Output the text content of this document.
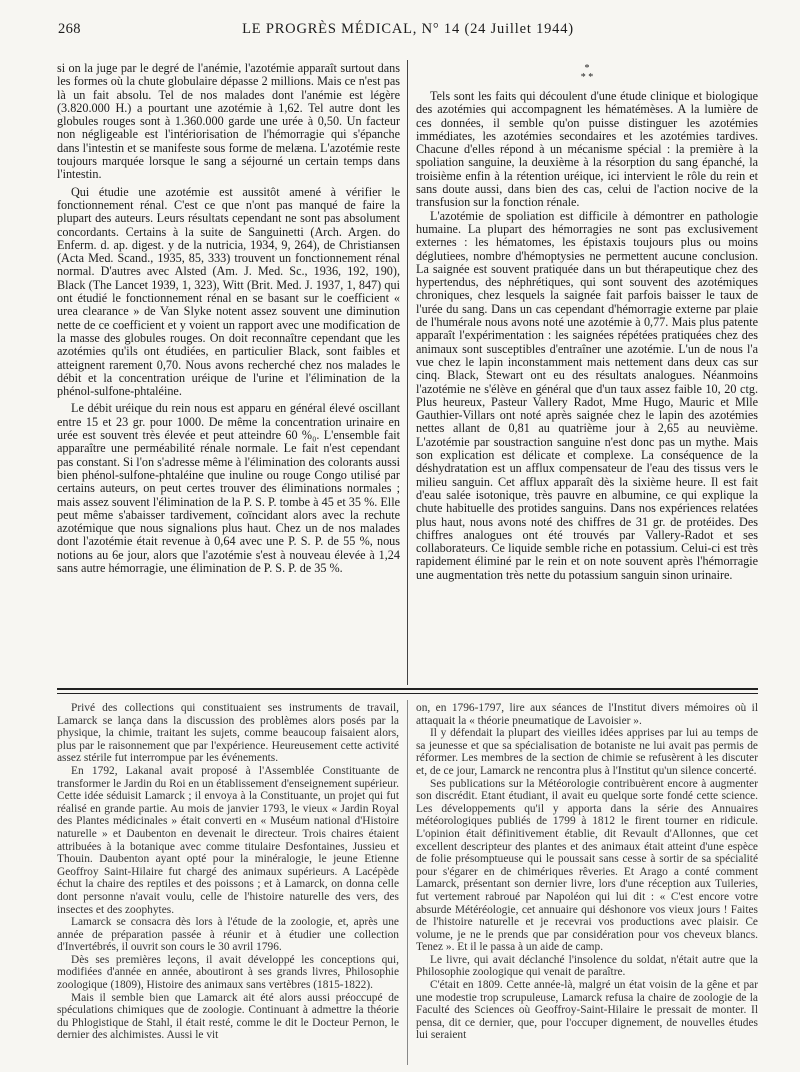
268	LE PROGRÈS MÉDICAL, N° 14 (24 Juillet 1944)

si on la juge par le degré de l'anémie, l'azotémie apparaît surtout dans les formes où la chute globulaire dépasse 2 millions. Mais ce n'est pas là un fait absolu. Tel de nos malades dont l'anémie est légère (3.820.000 H.) a pourtant une azotémie à 1,62. Tel autre dont les globules rouges sont à 1.360.000 garde une urée à 0,50. Un facteur non négligeable est l'intériorisation de l'hémorragie qui s'épanche dans l'intestin et se manifeste sous forme de melæna. L'azotémie reste toujours marquée lorsque le sang a séjourné un certain temps dans l'intestin.

Qui étudie une azotémie est aussitôt amené à vérifier le fonctionnement rénal. C'est ce que n'ont pas manqué de faire la plupart des auteurs. Leurs résultats cependant ne sont pas absolument concordants. Certains à la suite de Sanguinetti (Arch. Argen. do Enferm. d. ap. digest. y de la nutricia, 1934, 9, 264), de Christiansen (Acta Med. Scand., 1935, 85, 333) trouvent un fonctionnement rénal normal. D'autres avec Alsted (Am. J. Med. Sc., 1936, 192, 190), Black (The Lancet 1939, 1, 323), Witt (Brit. Med. J. 1937, 1, 847) qui ont étudié le fonctionnement rénal en se basant sur le coefficient « urea clearance » de Van Slyke notent assez souvent une diminution nette de ce coefficient et y voient un rapport avec une modification de la masse des globules rouges. On doit reconnaître cependant que les azotémies qu'ils ont étudiées, en particulier Black, sont faibles et atteignent rarement 0,70. Nous avons recherché chez nos malades le débit et la concentration uréique de l'urine et l'élimination de la phénol-sulfone-phtaléine.

Le débit uréique du rein nous est apparu en général élevé oscillant entre 15 et 23 gr. pour 1000. De même la concentration urinaire en urée est souvent très élevée et peut atteindre 60 %₀. L'ensemble fait apparaître une perméabilité rénale normale. Le fait n'est cependant pas constant. Si l'on s'adresse même à l'élimination des colorants aussi bien phénol-sulfone-phtaléine que inuline ou rouge Congo utilisé par certains auteurs, on peut certes trouver des éliminations normales ; mais assez souvent l'élimination de la P. S. P. tombe à 45 et 35 %. Elle peut même s'abaisser tardivement, coïncidant alors avec la rechute azotémique que nous signalions plus haut. Chez un de nos malades dont l'azotémie était revenue à 0,64 avec une P. S. P. de 55 %, nous notions au 6e jour, alors que l'azotémie s'est à nouveau élevée à 1,24 sans autre hémorragie, une élimination de P. S. P. de 35 %.

*
* *

Tels sont les faits qui découlent d'une étude clinique et biologique des azotémies qui accompagnent les hématémèses. A la lumière de ces données, il semble qu'on puisse distinguer les azotémies immédiates, les azotémies secondaires et les azotémies tardives. Chacune d'elles répond à un mécanisme spécial : la première à la spoliation sanguine, la deuxième à la résorption du sang épanché, la troisième enfin à la rétention uréique, ici intervient le rôle du rein et sans doute aussi, dans bien des cas, celui de l'action nocive de la transfusion sur la fonction rénale.

L'azotémie de spoliation est difficile à démontrer en pathologie humaine. La plupart des hémorragies ne sont pas exclusivement externes : les hématomes, les épistaxis toujours plus ou moins déglutiees, nombre d'hémoptysies ne permettent aucune conclusion. La saignée est souvent pratiquée dans un but thérapeutique chez des hypertendus, des néphrétiques, qui sont souvent des azotémiques chroniques, chez lesquels la saignée fait parfois baisser le taux de l'urée du sang. Dans un cas cependant d'hémorragie externe par plaie de l'humérale nous avons noté une azotémie à 0,77. Mais plus patente apparaît l'expérimentation : les saignées répétées pratiquées chez des animaux sont susceptibles d'entraîner une azotémie. L'un de nous l'a vue chez le lapin inconstamment mais nettement dans deux cas sur cinq. Black, Stewart ont eu des résultats analogues. Néanmoins l'azotémie ne s'élève en général que d'un taux assez faible 10, 20 ctg. Plus heureux, Pasteur Vallery Radot, Mme Hugo, Mauric et Mlle Gauthier-Villars ont noté après saignée chez le lapin des azotémies nettes allant de 0,81 au quatrième jour à 2,65 au neuvième. L'azotémie par soustraction sanguine n'est donc pas un mythe. Mais son explication est délicate et complexe. La conséquence de la déshydratation est un afflux compensateur de l'eau des tissus vers le milieu sanguin. Cet afflux apparaît dès la sixième heure. Il est fait d'eau salée isotonique, très pauvre en albumine, ce qui explique la chute habituelle des protides sanguins. Dans nos expériences relatées plus haut, nous avons noté des chiffres de 31 gr. de protéides. Des chiffres analogues ont été trouvés par Vallery-Radot et ses collaborateurs. Ce liquide semble riche en potassium. Celui-ci est très rapidement éliminé par le rein et on note souvent après l'hémorragie une augmentation très nette du potassium sanguin sinon urinaire.

Privé des collections qui constituaient ses instruments de travail, Lamarck se lança dans la discussion des problèmes alors posés par la physique, la chimie, traitant les sujets, comme beaucoup faisaient alors, plus par le raisonnement que par l'expérience. Heureusement cette activité assez stérile fut interrompue par les événements.

En 1792, Lakanal avait proposé à l'Assemblée Constituante de transformer le Jardin du Roi en un établissement d'enseignement supérieur. Cette idée séduisit Lamarck ; il envoya à la Constituante, un projet qui fut réalisé en grande partie. Au mois de janvier 1793, le vieux « Jardin Royal des Plantes médicinales » était converti en « Muséum national d'Histoire naturelle » et Daubenton en devenait le directeur. Trois chaires étaient attribuées à la botanique avec comme titulaire Desfontaines, Jussieu et Thouin. Daubenton ayant opté pour la minéralogie, le jeune Etienne Geoffroy Saint-Hilaire fut chargé des animaux supérieurs. A Lacépède échut la chaire des reptiles et des poissons ; et à Lamarck, on donna celle dont personne n'avait voulu, celle de l'histoire naturelle des vers, des insectes et des zoophytes.

Lamarck se consacra dès lors à l'étude de la zoologie, et, après une année de préparation passée à réunir et à étudier une collection d'Invertébrés, il ouvrit son cours le 30 avril 1796.

Dès ses premières leçons, il avait développé les conceptions qui, modifiées d'année en année, aboutiront à ses grands livres, Philosophie zoologique (1809), Histoire des animaux sans vertèbres (1815-1822).

Mais il semble bien que Lamarck ait été alors aussi préoccupé de spéculations chimiques que de zoologie. Continuant à admettre la théorie du Phlogistique de Stahl, il était resté, comme le dit le Docteur Pernon, le dernier des alchimistes. Aussi le vit

on, en 1796-1797, lire aux séances de l'Institut divers mémoires où il attaquait la « théorie pneumatique de Lavoisier ».

Il y défendait la plupart des vieilles idées apprises par lui au temps de sa jeunesse et que sa spécialisation de botaniste ne lui avait pas permis de réformer. Les membres de la section de chimie se refusèrent à les discuter et, de ce jour, Lamarck ne rencontra plus à l'Institut qu'un silence concerté.

Ses publications sur la Météorologie contribuèrent encore à augmenter son discrédit. Etant étudiant, il avait eu quelque sorte fondé cette science. Les développements qu'il y apporta dans la série des Annuaires météorologiques publiés de 1799 à 1812 le firent tourner en ridicule. L'opinion était définitivement établie, dit Revault d'Allonnes, que cet excellent descripteur des plantes et des animaux était atteint d'une espèce de folie présomptueuse qui le poussait sans cesse à sortir de sa spécialité pour s'égarer en de chimériques rêveries. Et Arago a conté comment Lamarck, présentant son dernier livre, lors d'une réception aux Tuileries, fut vertement rabroué par Napoléon qui lui dit : « C'est encore votre absurde Météréologie, cet annuaire qui déshonore vos vieux jours ! Faites de l'histoire naturelle et je recevrai vos productions avec plaisir. Ce volume, je ne le prends que par considération pour vos cheveux blancs. Tenez ». Et il le passa à un aide de camp.

Le livre, qui avait déclanché l'insolence du soldat, n'était autre que la Philosophie zoologique qui venait de paraître.

C'était en 1809. Cette année-là, malgré un état voisin de la gêne et par une modestie trop scrupuleuse, Lamarck refusa la chaire de zoologie de la Faculté des Sciences où Geoffroy-Saint-Hilaire le pressait de monter. Il pensa, dit ce dernier, que, pour l'occuper dignement, de nouvelles études lui seraient
